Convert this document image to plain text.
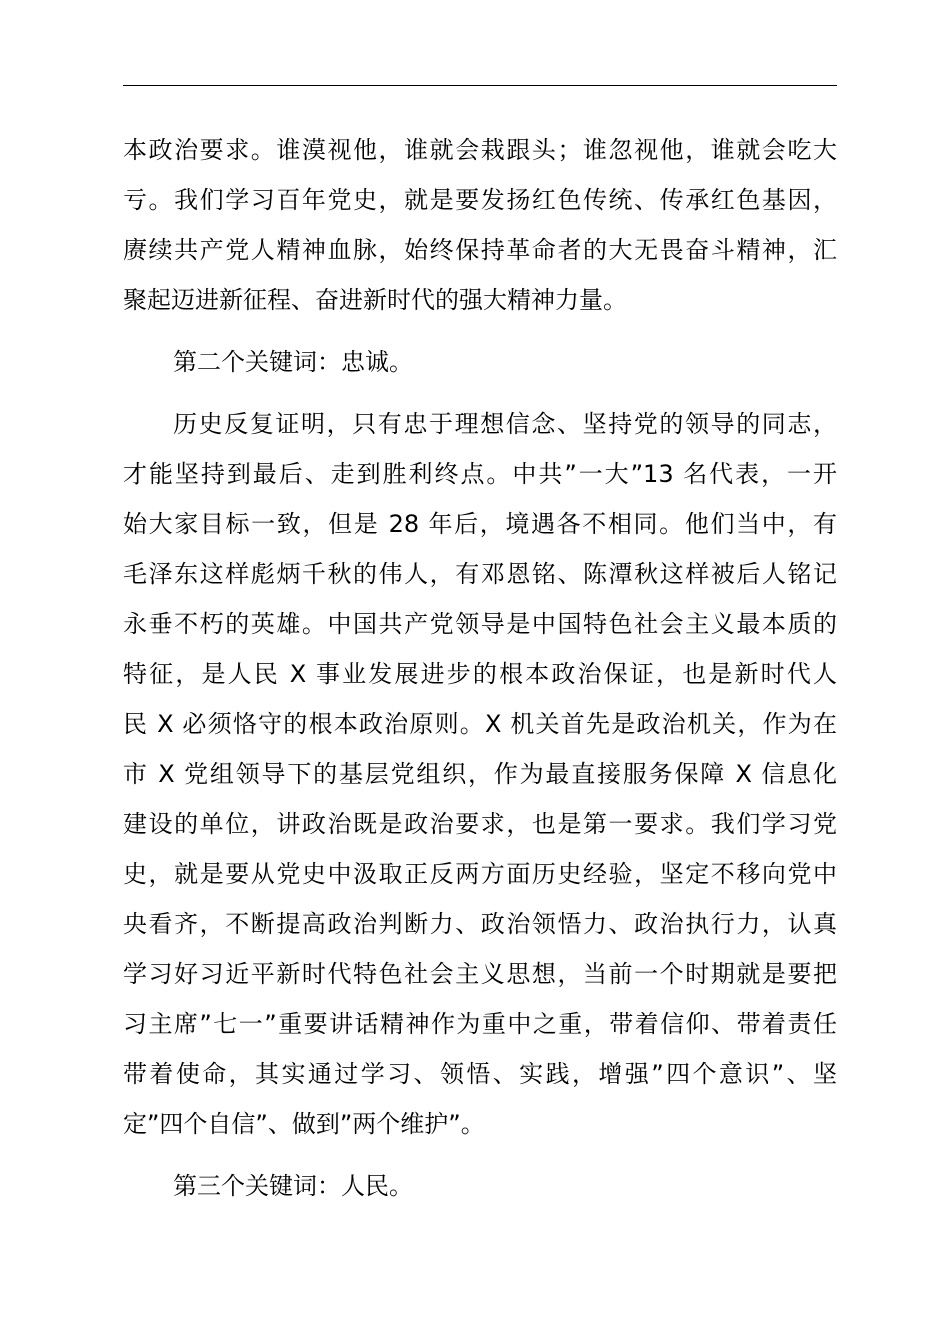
本政治要求。谁漠视他，谁就会栽跟头；谁忽视他，谁就会吃大
亏。我们学习百年党史，就是要发扬红色传统、传承红色基因，
赓续共产党人精神血脉，始终保持革命者的大无畏奋斗精神，汇
聚起迈进新征程、奋进新时代的强大精神力量。
第二个关键词：忠诚。
历史反复证明，只有忠于理想信念、坚持党的领导的同志，
才能坚持到最后、走到胜利终点。中共”一大”13 名代表，一开
始大家目标一致，但是 28 年后，境遇各不相同。他们当中，有
毛泽东这样彪炳千秋的伟人，有邓恩铭、陈潭秋这样被后人铭记
永垂不朽的英雄。中国共产党领导是中国特色社会主义最本质的
特征，是人民 X 事业发展进步的根本政治保证，也是新时代人
民 X 必须恪守的根本政治原则。X 机关首先是政治机关，作为在
市 X 党组领导下的基层党组织，作为最直接服务保障 X 信息化
建设的单位，讲政治既是政治要求，也是第一要求。我们学习党
史，就是要从党史中汲取正反两方面历史经验，坚定不移向党中
央看齐，不断提高政治判断力、政治领悟力、政治执行力，认真
学习好习近平新时代特色社会主义思想，当前一个时期就是要把
习主席”七一”重要讲话精神作为重中之重，带着信仰、带着责任
带着使命，其实通过学习、领悟、实践，增强”四个意识”、坚
定”四个自信”、做到”两个维护”。
第三个关键词：人民。
